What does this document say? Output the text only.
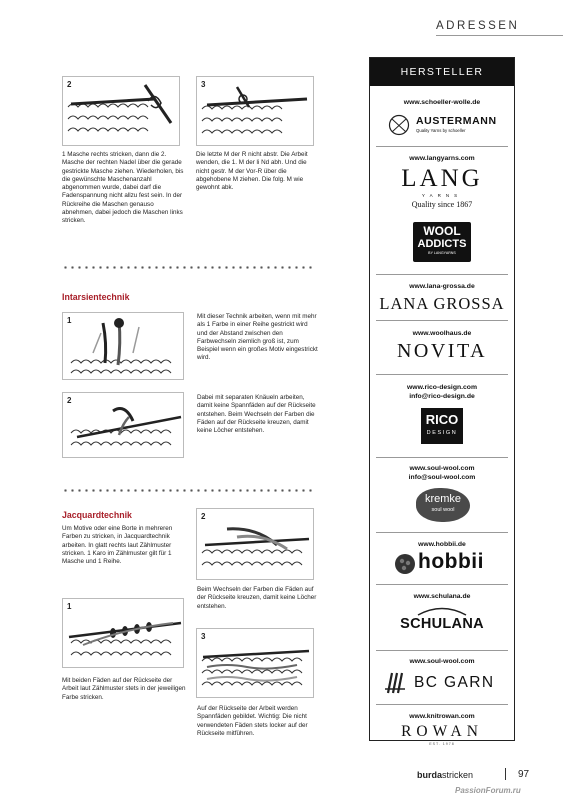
ADRESSEN
2	3
1 Masche rechts stricken, dann die 2. Masche der rechten Nadel über die gerade gestrickte Masche ziehen. Wiederholen, bis die gewünschte Maschenanzahl abgenommen wurde, dabei darf die Fadenspannung nicht allzu fest sein. In der Rückreihe die Maschen genauso abnehmen, dabei jedoch die Maschen links stricken.
Die letzte M der R nicht abstr. Die Arbeit wenden, die 1. M der li Nd abh. Und die nicht gestr. M der Vor-R über die abgehobene M ziehen. Die folg. M wie gewohnt abk.
Intarsientechnik
1
2
Mit dieser Technik arbeiten, wenn mit mehr als 1 Farbe in einer Reihe gestrickt wird und der Abstand zwischen den Farbwechseln ziemlich groß ist, zum Beispiel wenn ein großes Motiv eingestrickt wird.
Dabei mit separaten Knäueln arbeiten, damit keine Spannfäden auf der Rückseite entstehen. Beim Wechseln der Farben die Fäden auf der Rückseite kreuzen, damit keine Löcher entstehen.
Jacquardtechnik
Um Motive oder eine Borte in mehreren Farben zu stricken, in Jacquardtechnik arbeiten. In glatt rechts laut Zählmuster stricken. 1 Karo im Zählmuster gilt für 1 Masche und 1 Reihe.
2
Beim Wechseln der Farben die Fäden auf der Rückseite kreuzen, damit keine Löcher entstehen.
1
Mit beiden Fäden auf der Rückseite der Arbeit laut Zählmuster stets in der jeweiligen Farbe stricken.
3
Auf der Rückseite der Arbeit werden Spannfäden gebildet. Wichtig: Die nicht verwendeten Fäden stets locker auf der Rückseite mitführen.
HERSTELLER
www.schoeller-wolle.de
AUSTERMANN
Quality Yarns by schoeller
www.langyarns.com
LANG
YARNS
Quality since 1867
WOOL
ADDICTS
BY LANGYARNS
www.lana-grossa.de
LANA GROSSA
www.woolhaus.de
NOVITA
www.rico-design.com
info@rico-design.de
RICO
DESIGN
www.soul-wool.com
info@soul-wool.com
kremke
soul wool
www.hobbii.de
hobbii
www.schulana.de
SCHULANA
www.soul-wool.com
BC GARN
www.knitrowan.com
ROWAN
EST. 1978
burdastricken	97
PassionForum.ru
